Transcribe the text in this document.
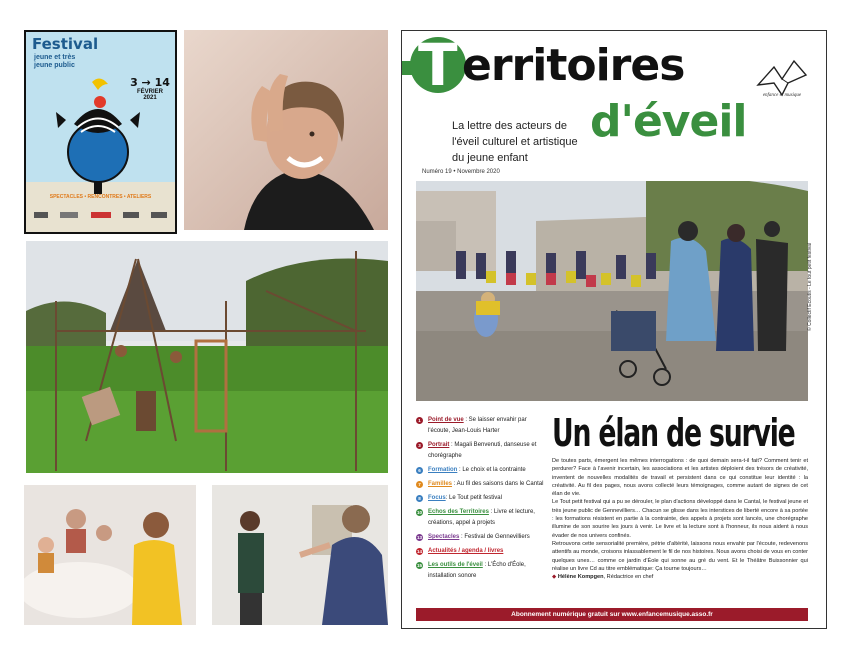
Festival
jeune et très
jeune public
3 → 14
FÉVRIER
2021
SPECTACLES • RENCONTRES • ATELIERS
T erritoires
d'éveil
La lettre des acteurs de l'éveil culturel et artistique du jeune enfant
Numéro 19 • Novembre 2020
enfance et musique
© Collectif Ecoutis - Le tout petit festival
1	Point de vue : Se laisser envahir par l'écoute, Jean-Louis Harter
3	Portrait : Magali Benvenuti, danseuse et chorégraphe
6	Formation : Le choix et la contrainte
7	Familles : Au fil des saisons dans le Cantal
8	Focus: Le Tout petit festival
10 Echos des Territoires : Livre et lecture, créations, appel à projets
13 Spectacles : Festival de Gennevilliers
14 Actualités / agenda / livres
15 Les outils de l'éveil : L'Écho d'Éole, installation sonore
Un élan de survie

De toutes parts, émergent les mêmes interrogations : de quoi demain sera-t-il fait? Comment tenir et perdurer? Face à l'avenir incertain, les associations et les artistes déploient des trésors de créativité, inventent de nouvelles modalités de travail et persistent dans ce qui constitue leur identité : la créativité. Au fil des pages, nous avons collecté leurs témoignages, comme autant de signes de cet élan de vie.

Le Tout petit festival qui a pu se dérouler, le plan d'actions développé dans le Cantal, le festival jeune et très jeune public de Gennevilliers… Chacun se glisse dans les interstices de liberté encore à sa portée : les formations résistent en partie à la contrainte, des appels à projets sont lancés, une chorégraphe illumine de son sourire les jours à venir. Le livre et la lecture sont à l'honneur, ils nous aident à nous évader de nos univers confinés.

Retrouvons cette sensorialité première, pétrie d'altérité, laissons nous envahir par l'écoute, redevenons attentifs au monde, croisons inlassablement le fil de nos histoires. Nous avons choisi de vous en conter quelques unes… comme ce jardin d'Éole qui sonne au gré du vent. Et le Théâtre Buissonnier qui réalise un livre Cd au titre emblématique: Ça tourne toujours…

◆ Hélène Kompgen, Rédactrice en chef

Abonnement numérique gratuit sur www.enfancemusique.asso.fr
